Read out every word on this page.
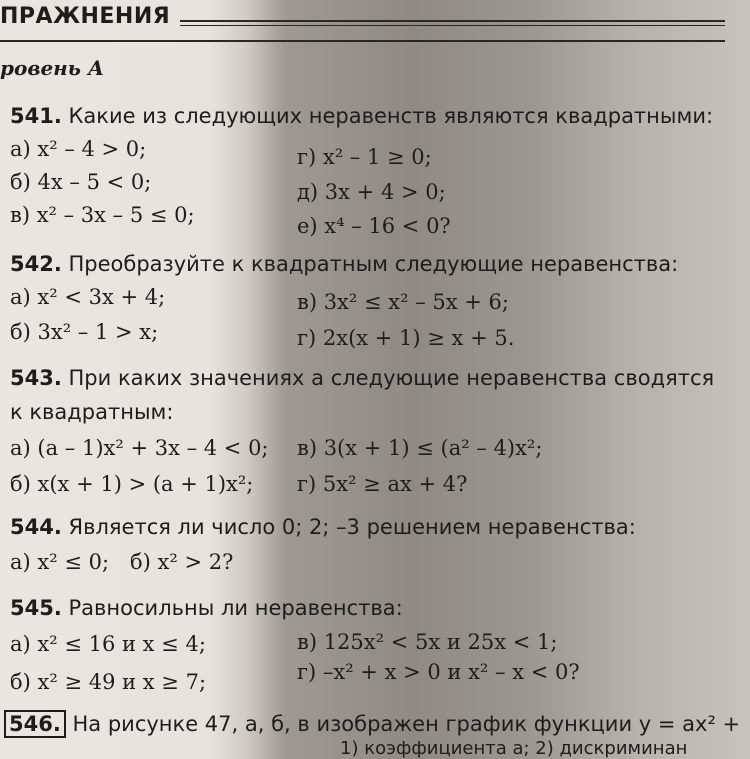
ПРАЖНЕНИЯ
ровень А
541. Какие из следующих неравенств являются квадратными:
а) x² – 4 > 0;
б) 4x – 5 < 0;
в) x² – 3x – 5 ≤ 0;
г) x² – 1 ≥ 0;
д) 3x + 4 > 0;
е) x⁴ – 16 < 0?
542. Преобразуйте к квадратным следующие неравенства:
а) x² < 3x + 4;
б) 3x² – 1 > x;
в) 3x² ≤ x² – 5x + 6;
г) 2x(x + 1) ≥ x + 5.
543. При каких значениях a следующие неравенства сводятся
к квадратным:
а) (a – 1)x² + 3x – 4 < 0;
б) x(x + 1) > (a + 1)x²;
в) 3(x + 1) ≤ (a² – 4)x²;
г) 5x² ≥ ax + 4?
544. Является ли число 0; 2; –3 решением неравенства:
а) x² ≤ 0; б) x² > 2?
545. Равносильны ли неравенства:
а) x² ≤ 16 и x ≤ 4;
б) x² ≥ 49 и x ≥ 7;
в) 125x² < 5x и 25x < 1;
г) –x² + x > 0 и x² – x < 0?
546. На рисунке 47, а, б, в изображен график функции y = ax² +
1) коэффициента a; 2) дискриминан
